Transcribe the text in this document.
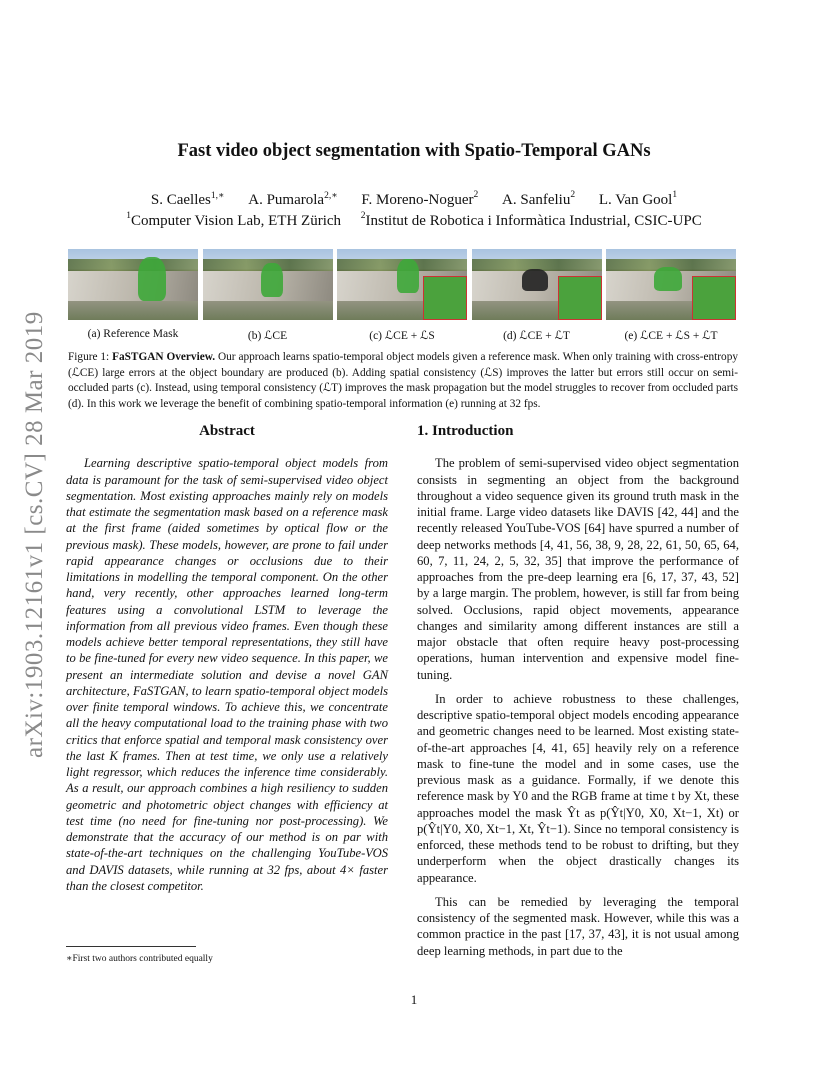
arXiv:1903.12161v1 [cs.CV] 28 Mar 2019
Fast video object segmentation with Spatio-Temporal GANs
S. Caelles$^{1,∗}$ A. Pumarola$^{2,∗}$ F. Moreno-Noguer$^2$ A. Sanfeliu$^2$ L. Van Gool$^1$
$^1$Computer Vision Lab, ETH Zürich $^2$Institut de Robotica i Informàtica Industrial, CSIC-UPC
(a) Reference Mask	(b) ℒCE	(c) ℒCE + ℒS	(d) ℒCE + ℒT	(e) ℒCE + ℒS + ℒT
Figure 1: FaSTGAN Overview. Our approach learns spatio-temporal object models given a reference mask. When only training with cross-entropy (ℒCE) large errors at the object boundary are produced (b). Adding spatial consistency (ℒS) improves the latter but errors still occur on semi-occluded parts (c). Instead, using temporal consistency (ℒT) improves the mask propagation but the model struggles to recover from occluded parts (d). In this work we leverage the benefit of combining spatio-temporal information (e) running at 32 fps.
Abstract

Learning descriptive spatio-temporal object models from data is paramount for the task of semi-supervised video object segmentation. Most existing approaches mainly rely on models that estimate the segmentation mask based on a reference mask at the first frame (aided sometimes by optical flow or the previous mask). These models, however, are prone to fail under rapid appearance changes or occlusions due to their limitations in modelling the temporal component. On the other hand, very recently, other approaches learned long-term features using a convolutional LSTM to leverage the information from all previous video frames. Even though these models achieve better temporal representations, they still have to be fine-tuned for every new video sequence. In this paper, we present an intermediate solution and devise a novel GAN architecture, FaSTGAN, to learn spatio-temporal object models over finite temporal windows. To achieve this, we concentrate all the heavy computational load to the training phase with two critics that enforce spatial and temporal mask consistency over the last K frames. Then at test time, we only use a relatively light regressor, which reduces the inference time considerably. As a result, our approach combines a high resiliency to sudden geometric and photometric object changes with efficiency at test time (no need for fine-tuning nor post-processing). We demonstrate that the accuracy of our method is on par with state-of-the-art techniques on the challenging YouTube-VOS and DAVIS datasets, while running at 32 fps, about 4× faster than the closest competitor.

1. Introduction

The problem of semi-supervised video object segmentation consists in segmenting an object from the background throughout a video sequence given its ground truth mask in the initial frame. Large video datasets like DAVIS [42, 44] and the recently released YouTube-VOS [64] have spurred a number of deep networks methods [4, 41, 56, 38, 9, 28, 22, 61, 50, 65, 64, 60, 7, 11, 24, 2, 5, 32, 35] that improve the performance of approaches from the pre-deep learning era [6, 17, 37, 43, 52] by a large margin. The problem, however, is still far from being solved. Occlusions, rapid object movements, appearance changes and similarity among different instances are still a major obstacle that often require heavy post-processing operations, human intervention and expensive model fine-tuning.

In order to achieve robustness to these challenges, descriptive spatio-temporal object models encoding appearance and geometric changes need to be learned. Most existing state-of-the-art approaches [4, 41, 65] heavily rely on a reference mask to fine-tune the model and in some cases, use the previous mask as a guidance. Formally, if we denote this reference mask by Y0 and the RGB frame at time t by Xt, these approaches model the mask Ŷt as p(Ŷt|Y0, X0, Xt−1, Xt) or p(Ŷt|Y0, X0, Xt−1, Xt, Ŷt−1). Since no temporal consistency is enforced, these methods tend to be robust to drifting, but they underperform when the object drastically changes its appearance.

This can be remedied by leveraging the temporal consistency of the segmented mask. However, while this was a common practice in the past [17, 37, 43], it is not usual among deep learning methods, in part due to the

∗First two authors contributed equally
1
